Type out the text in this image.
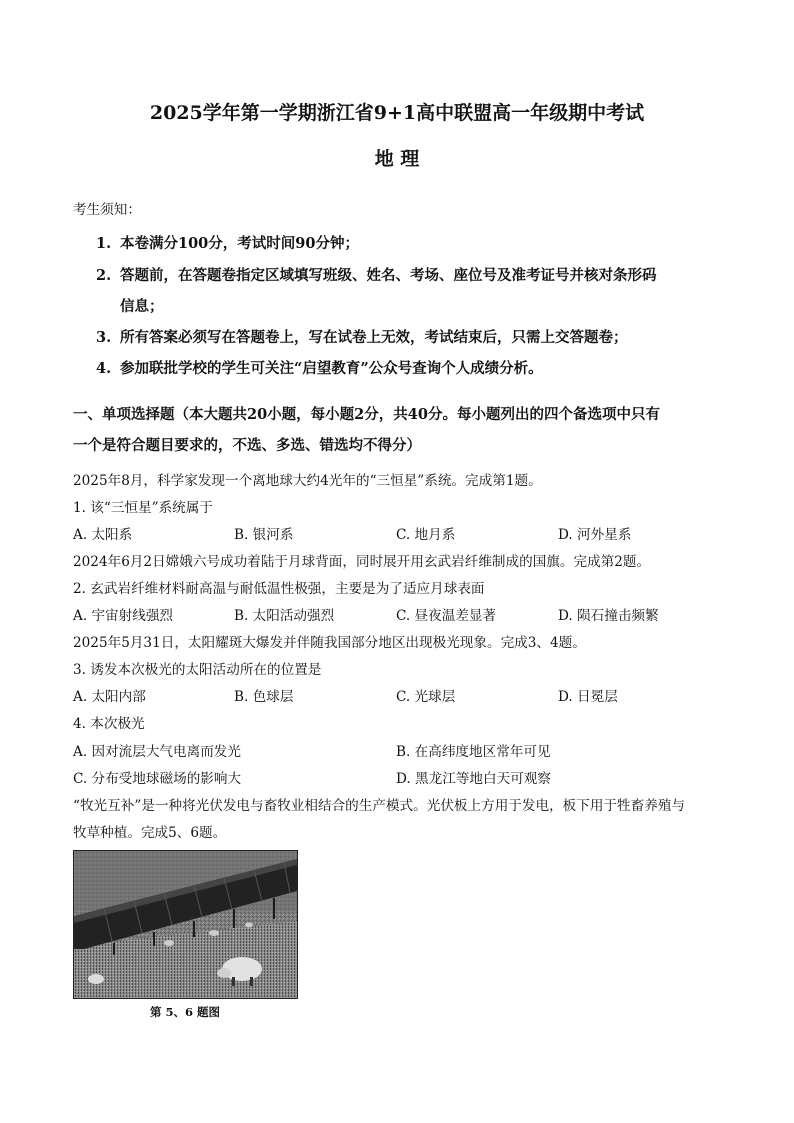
2025学年第一学期浙江省9+1高中联盟高一年级期中考试
地 理
考生须知：
1. 本卷满分100分，考试时间90分钟；
2. 答题前，在答题卷指定区域填写班级、姓名、考场、座位号及准考证号并核对条形码
信息；
3. 所有答案必须写在答题卷上，写在试卷上无效，考试结束后，只需上交答题卷；
4. 参加联批学校的学生可关注“启望教育”公众号查询个人成绩分析。
一、单项选择题（本大题共20小题，每小题2分，共40分。每小题列出的四个备选项中只有
一个是符合题目要求的，不选、多选、错选均不得分）
2025年8月，科学家发现一个离地球大约4光年的“三恒星”系统。完成第1题。
1. 该“三恒星”系统属于
A. 太阳系	B. 银河系	C. 地月系	D. 河外星系
2024年6月2日嫦娥六号成功着陆于月球背面，同时展开用玄武岩纤维制成的国旗。完成第2题。
2. 玄武岩纤维材料耐高温与耐低温性极强，主要是为了适应月球表面
A. 宇宙射线强烈	B. 太阳活动强烈	C. 昼夜温差显著	D. 陨石撞击频繁
2025年5月31日，太阳耀斑大爆发并伴随我国部分地区出现极光现象。完成3、4题。
3. 诱发本次极光的太阳活动所在的位置是
A. 太阳内部	B. 色球层	C. 光球层	D. 日冕层
4. 本次极光
A. 因对流层大气电离而发光	B. 在高纬度地区常年可见
C. 分布受地球磁场的影响大	D. 黑龙江等地白天可观察
“牧光互补”是一种将光伏发电与畜牧业相结合的生产模式。光伏板上方用于发电，板下用于牲畜养殖与
牧草种植。完成5、6题。
第 5、6 题图
